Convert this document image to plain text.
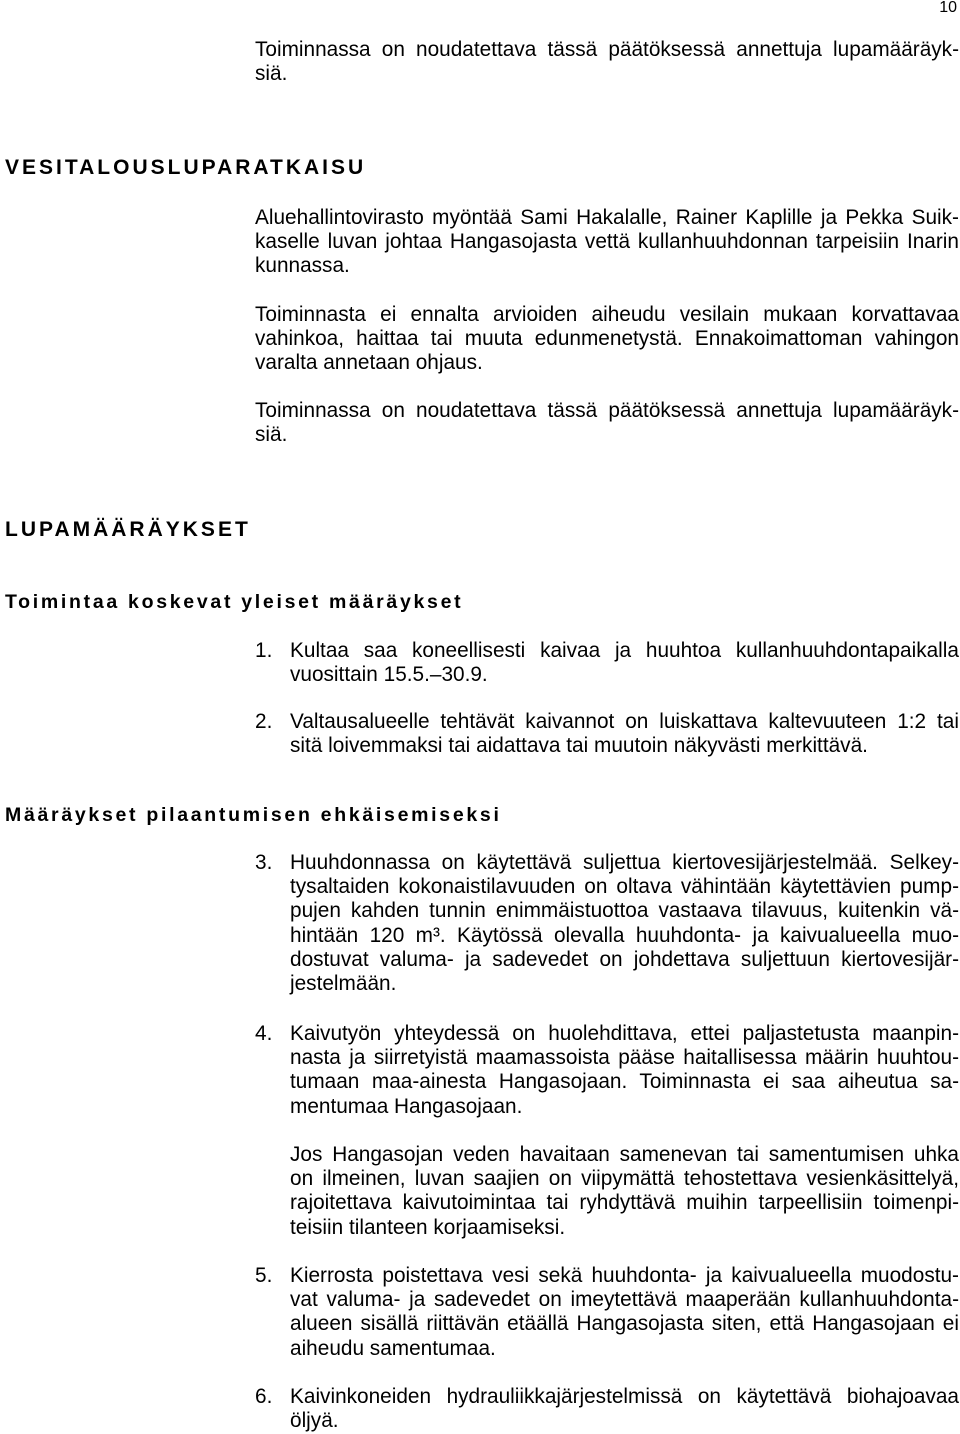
10
Toiminnassa on noudatettava tässä päätöksessä annettuja lupamääräyk-
siä.
VESITALOUSLUPARATKAISU
Aluehallintovirasto myöntää Sami Hakalalle, Rainer Kaplille ja Pekka Suik-
kaselle luvan johtaa Hangasojasta vettä kullanhuuhdonnan tarpeisiin Inarin
kunnassa.
Toiminnasta ei ennalta arvioiden aiheudu vesilain mukaan korvattavaa
vahinkoa, haittaa tai muuta edunmenetystä. Ennakoimattoman vahingon
varalta annetaan ohjaus.
Toiminnassa on noudatettava tässä päätöksessä annettuja lupamääräyk-
siä.
LUPAMÄÄRÄYKSET
Toimintaa koskevat yleiset määräykset
1. Kultaa saa koneellisesti kaivaa ja huuhtoa kullanhuuhdontapaikalla
vuosittain 15.5.–30.9.
2. Valtausalueelle tehtävät kaivannot on luiskattava kaltevuuteen 1:2 tai
sitä loivemmaksi tai aidattava tai muutoin näkyvästi merkittävä.
Määräykset pilaantumisen ehkäisemiseksi
3. Huuhdonnassa on käytettävä suljettua kiertovesijärjestelmää. Selkey-
tysaltaiden kokonaistilavuuden on oltava vähintään käytettävien pump-
pujen kahden tunnin enimmäistuottoa vastaava tilavuus, kuitenkin vä-
hintään 120 m³. Käytössä olevalla huuhdonta- ja kaivualueella muo-
dostuvat valuma- ja sadevedet on johdettava suljettuun kiertovesijär-
jestelmään.
4. Kaivutyön yhteydessä on huolehdittava, ettei paljastetusta maanpin-
nasta ja siirretyistä maamassoista pääse haitallisessa määrin huuhtou-
tumaan maa-ainesta Hangasojaan. Toiminnasta ei saa aiheutua sa-
mentumaa Hangasojaan.
Jos Hangasojan veden havaitaan samenevan tai samentumisen uhka
on ilmeinen, luvan saajien on viipymättä tehostettava vesienkäsittelyä,
rajoitettava kaivutoimintaa tai ryhdyttävä muihin tarpeellisiin toimenpi-
teisiin tilanteen korjaamiseksi.
5. Kierrosta poistettava vesi sekä huuhdonta- ja kaivualueella muodostu-
vat valuma- ja sadevedet on imeytettävä maaperään kullanhuuhdonta-
alueen sisällä riittävän etäällä Hangasojasta siten, että Hangasojaan ei
aiheudu samentumaa.
6. Kaivinkoneiden hydrauliikkajärjestelmissä on käytettävä biohajoavaa
öljyä.
